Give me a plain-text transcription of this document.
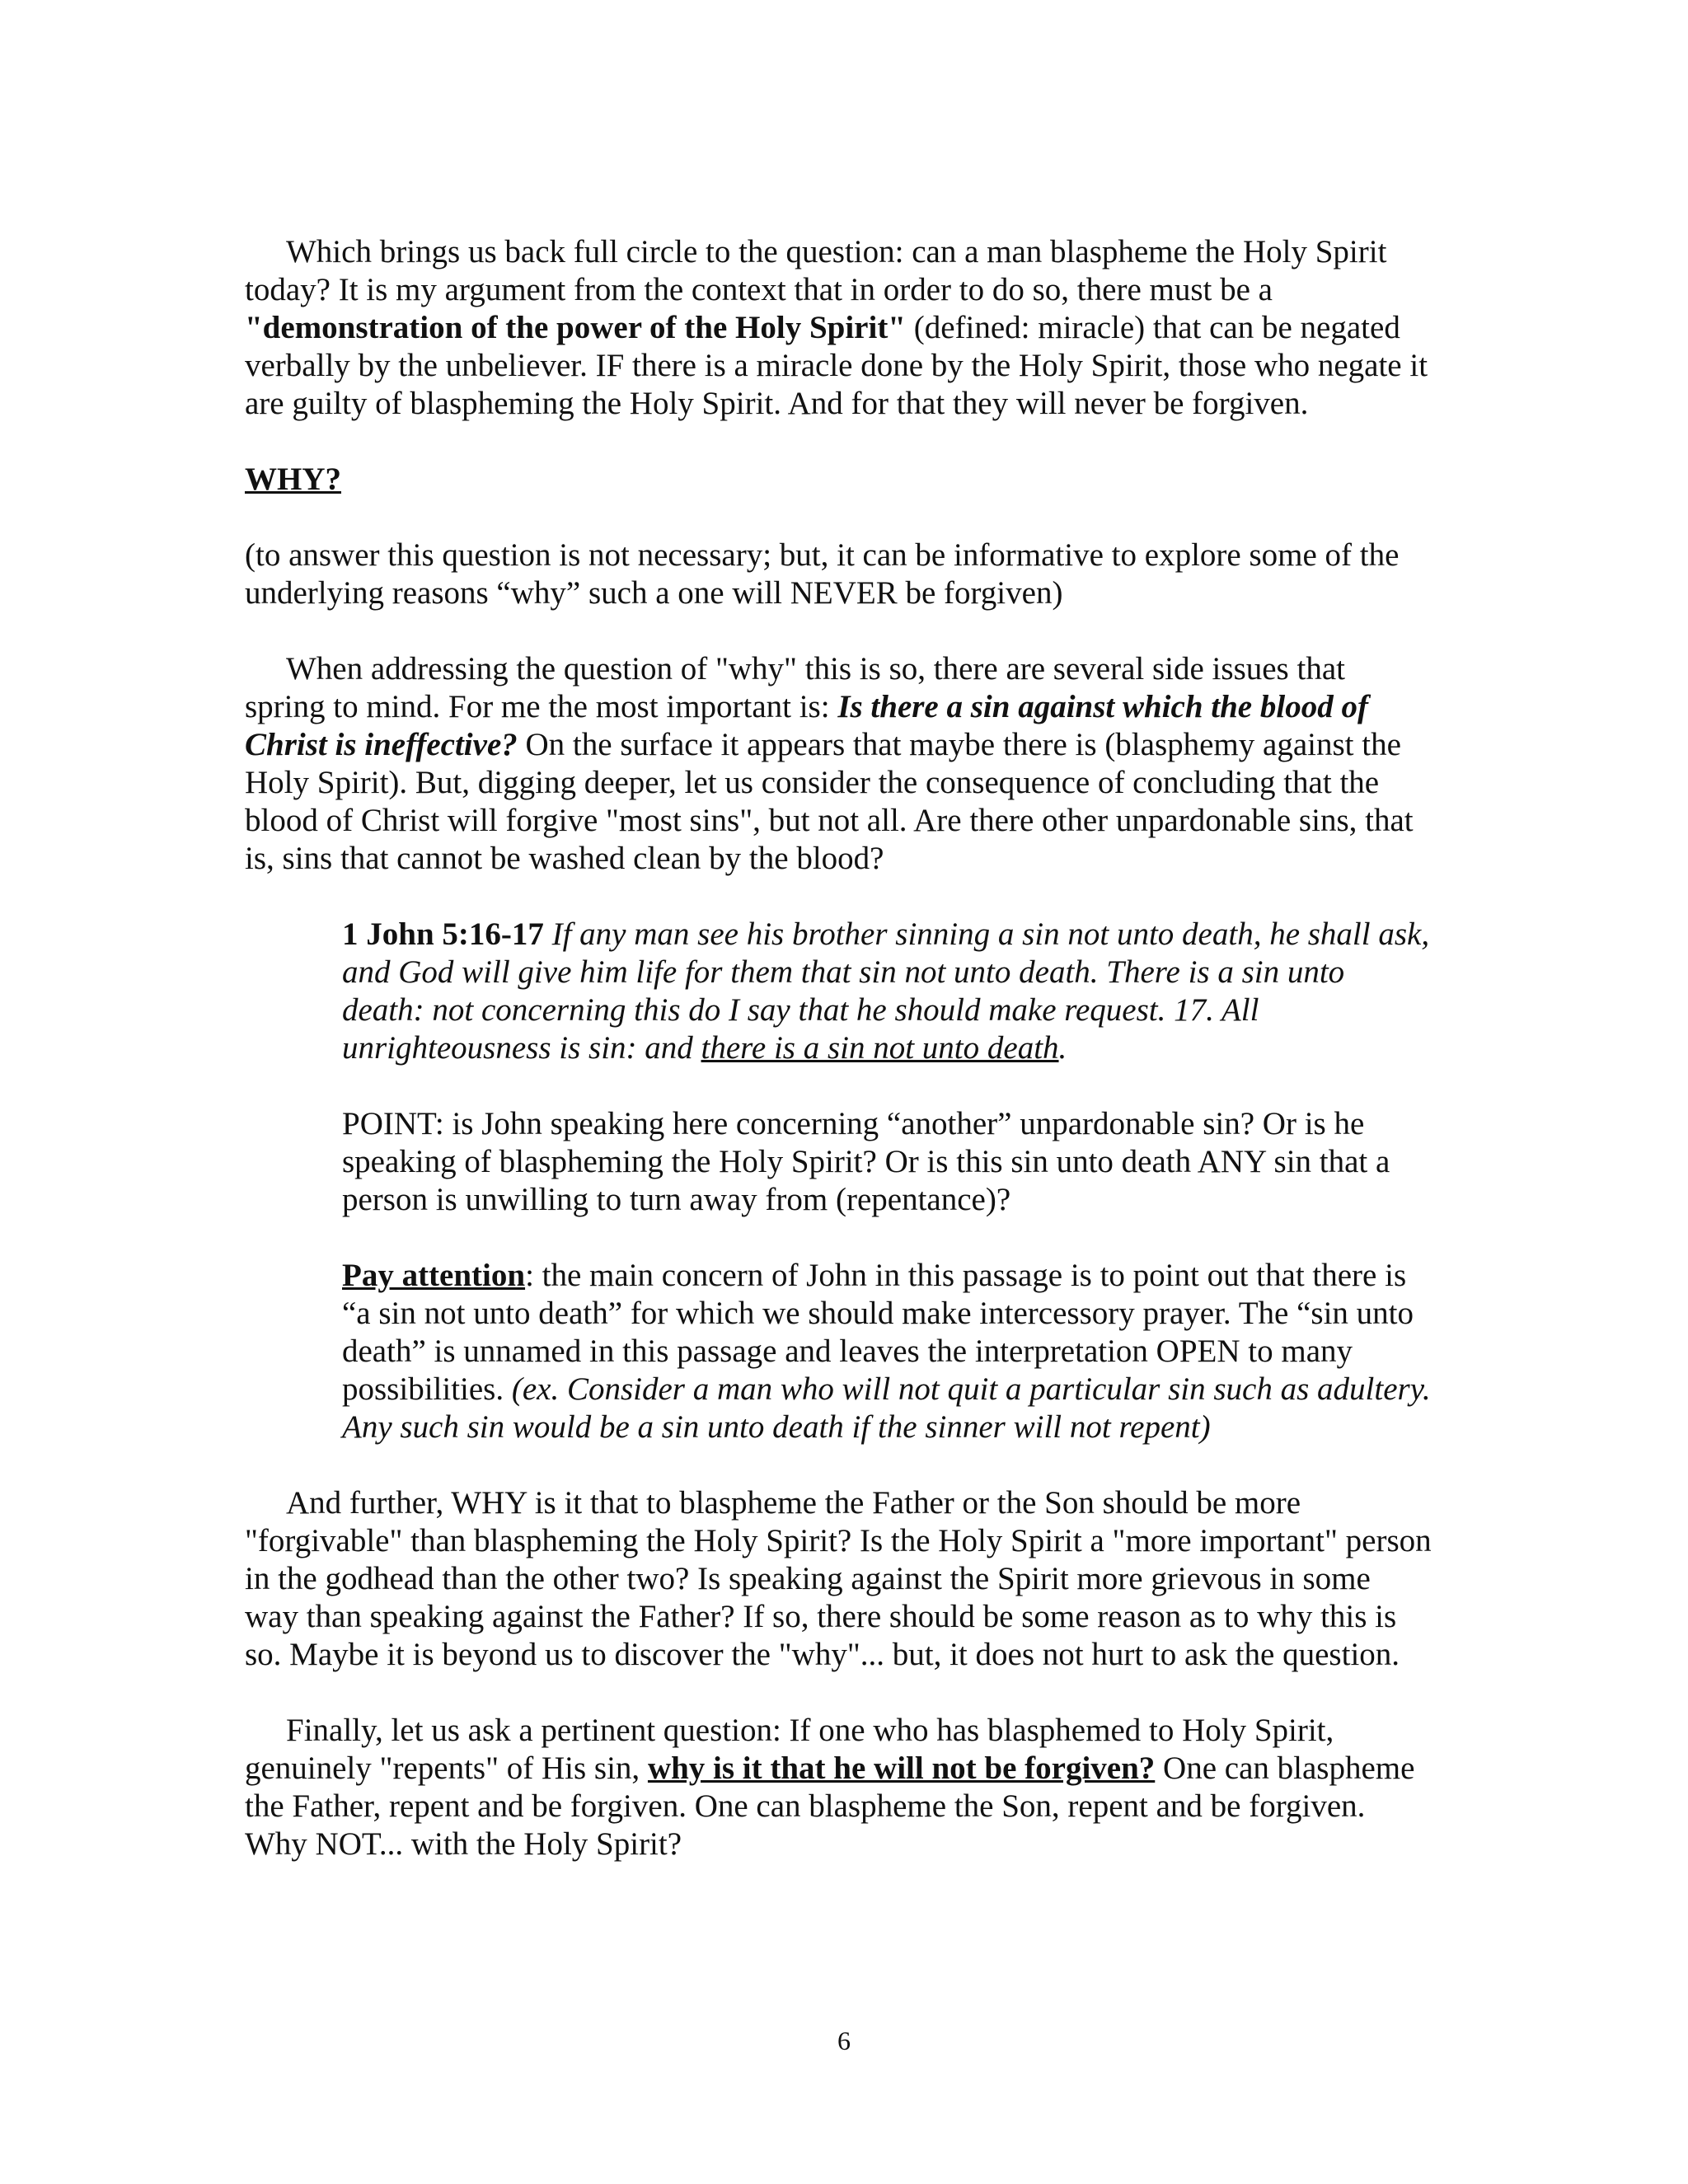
Which brings us back full circle to the question: can a man blaspheme the Holy Spirit today? It is my argument from the context that in order to do so, there must be a "demonstration of the power of the Holy Spirit" (defined: miracle) that can be negated verbally by the unbeliever. IF there is a miracle done by the Holy Spirit, those who negate it are guilty of blaspheming the Holy Spirit. And for that they will never be forgiven.

WHY?

(to answer this question is not necessary; but, it can be informative to explore some of the underlying reasons “why” such a one will NEVER be forgiven)

When addressing the question of "why" this is so, there are several side issues that spring to mind. For me the most important is: Is there a sin against which the blood of Christ is ineffective? On the surface it appears that maybe there is (blasphemy against the Holy Spirit). But, digging deeper, let us consider the consequence of concluding that the blood of Christ will forgive "most sins", but not all. Are there other unpardonable sins, that is, sins that cannot be washed clean by the blood?

1 John 5:16-17 If any man see his brother sinning a sin not unto death, he shall ask, and God will give him life for them that sin not unto death. There is a sin unto death: not concerning this do I say that he should make request. 17. All unrighteousness is sin: and there is a sin not unto death.

POINT: is John speaking here concerning “another” unpardonable sin? Or is he speaking of blaspheming the Holy Spirit? Or is this sin unto death ANY sin that a person is unwilling to turn away from (repentance)?

Pay attention: the main concern of John in this passage is to point out that there is “a sin not unto death” for which we should make intercessory prayer. The “sin unto death” is unnamed in this passage and leaves the interpretation OPEN to many possibilities. (ex. Consider a man who will not quit a particular sin such as adultery. Any such sin would be a sin unto death if the sinner will not repent)

And further, WHY is it that to blaspheme the Father or the Son should be more "forgivable" than blaspheming the Holy Spirit? Is the Holy Spirit a "more important" person in the godhead than the other two? Is speaking against the Spirit more grievous in some way than speaking against the Father? If so, there should be some reason as to why this is so. Maybe it is beyond us to discover the "why"... but, it does not hurt to ask the question.

Finally, let us ask a pertinent question: If one who has blasphemed to Holy Spirit, genuinely "repents" of His sin, why is it that he will not be forgiven? One can blaspheme the Father, repent and be forgiven. One can blaspheme the Son, repent and be forgiven. Why NOT... with the Holy Spirit?

6
